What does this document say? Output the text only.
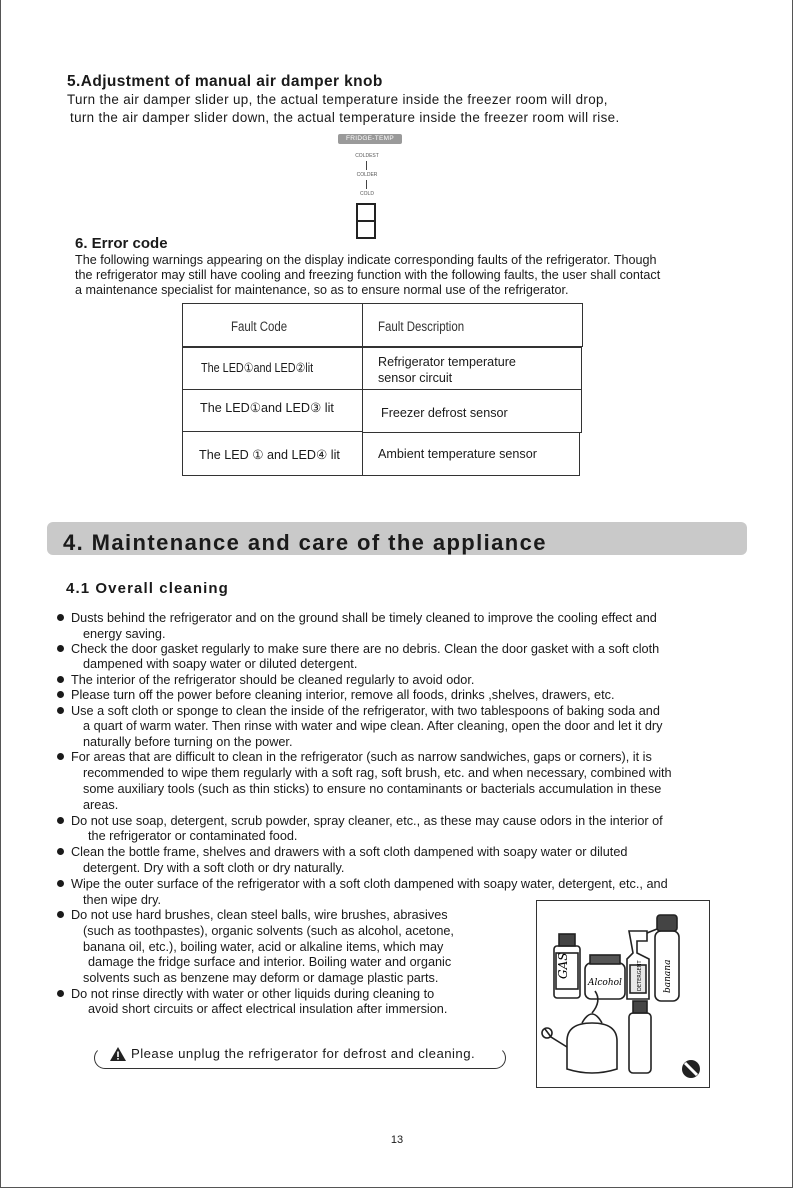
5.Adjustment of manual air damper knob
Turn the air damper slider up, the actual temperature inside the freezer room will drop,
turn the air damper slider down, the actual temperature inside the freezer room will rise.
FRIDGE-TEMP
COLDEST
COLDER
COLD
6. Error code
The following warnings appearing on the display indicate corresponding faults of the refrigerator. Though
the refrigerator may still have cooling and freezing function with the following faults, the user shall contact
a maintenance specialist for maintenance, so as to ensure normal use of the refrigerator.
Fault Code	Fault Description
The LED①and LED②lit	Refrigerator temperature
sensor circuit
The LED①and LED③ lit	Freezer defrost sensor
The LED ① and LED④ lit	Ambient temperature sensor
4. Maintenance and care of the appliance
4.1 Overall cleaning
Dusts behind the refrigerator and on the ground shall be timely cleaned to improve the cooling effect and
energy saving.
Check the door gasket regularly to make sure there are no debris. Clean the door gasket with a soft cloth
dampened with soapy water or diluted detergent.
The interior of the refrigerator should be cleaned regularly to avoid odor.
Please turn off the power before cleaning interior, remove all foods, drinks ,shelves, drawers, etc.
Use a soft cloth or sponge to clean the inside of the refrigerator, with two tablespoons of baking soda and
a quart of warm water. Then rinse with water and wipe clean. After cleaning, open the door and let it dry
naturally before turning on the power.
For areas that are difficult to clean in the refrigerator (such as narrow sandwiches, gaps or corners), it is
recommended to wipe them regularly with a soft rag, soft brush, etc. and when necessary, combined with
some auxiliary tools (such as thin sticks) to ensure no contaminants or bacterials accumulation in these
areas.
Do not use soap, detergent, scrub powder, spray cleaner, etc., as these may cause odors in the interior of
the refrigerator or contaminated food.
Clean the bottle frame, shelves and drawers with a soft cloth dampened with soapy water or diluted
detergent. Dry with a soft cloth or dry naturally.
Wipe the outer surface of the refrigerator with a soft cloth dampened with soapy water, detergent, etc., and
then wipe dry.
Do not use hard brushes, clean steel balls, wire brushes, abrasives
(such as toothpastes), organic solvents (such as alcohol, acetone,
banana oil, etc.), boiling water, acid or alkaline items, which may
damage the fridge surface and interior. Boiling water and organic
solvents such as benzene may deform or damage plastic parts.
Do not rinse directly with water or other liquids during cleaning to
avoid short circuits or affect electrical insulation after immersion.
GAS
Alcohol	DETERGENT banana
Please unplug the refrigerator for defrost and cleaning.
13
